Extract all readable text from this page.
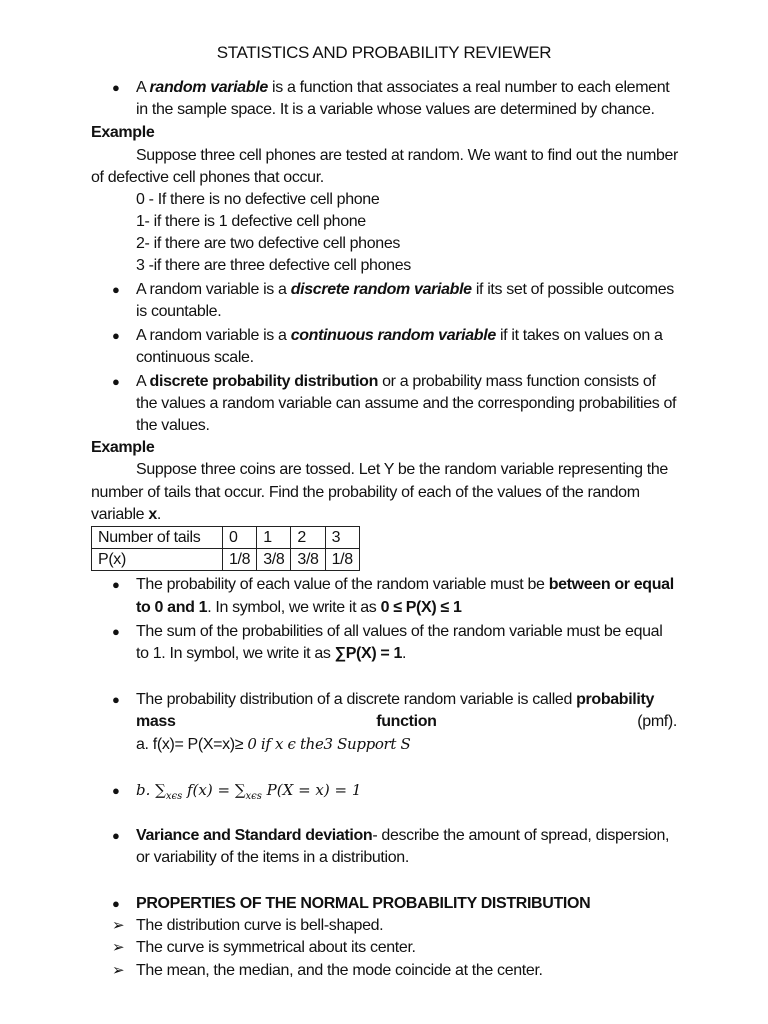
STATISTICS AND PROBABILITY REVIEWER
● A random variable is a function that associates a real number to each element
in the sample space. It is a variable whose values are determined by chance.
Example
Suppose three cell phones are tested at random. We want to find out the number
of defective cell phones that occur.
0 - If there is no defective cell phone
1- if there is 1 defective cell phone
2- if there are two defective cell phones
3 -if there are three defective cell phones
● A random variable is a discrete random variable if its set of possible outcomes
is countable.
● A random variable is a continuous random variable if it takes on values on a
continuous scale.
● A discrete probability distribution or a probability mass function consists of
the values a random variable can assume and the corresponding probabilities of
the values.
Example
Suppose three coins are tossed. Let Y be the random variable representing the
number of tails that occur. Find the probability of each of the values of the random
variable x.
Number of tails	0	1	2	3
P(x)	1/8	3/8	3/8	1/8
● The probability of each value of the random variable must be between or equal
to 0 and 1. In symbol, we write it as 0 ≤ P(X) ≤ 1
● The sum of the probabilities of all values of the random variable must be equal
to 1. In symbol, we write it as ∑P(X) = 1.
● The probability distribution of a discrete random variable is called probability
mass	function	(pmf).
a. f(x)= P(X=x)≥ 0 𝑖𝑓 𝑥 𝜖 𝑡ℎ𝑒3 𝑆𝑢𝑝𝑝𝑜𝑟𝑡 𝑆
● 𝑏. $\sum_{𝑥𝜖𝑠}$ 𝑓(𝑥) = $\sum_{𝑥𝜖𝑠}$ 𝑃(𝑋 = 𝑥) = 1
● Variance and Standard deviation- describe the amount of spread, dispersion,
or variability of the items in a distribution.
● PROPERTIES OF THE NORMAL PROBABILITY DISTRIBUTION
➢ The distribution curve is bell-shaped.
➢ The curve is symmetrical about its center.
➢ The mean, the median, and the mode coincide at the center.
